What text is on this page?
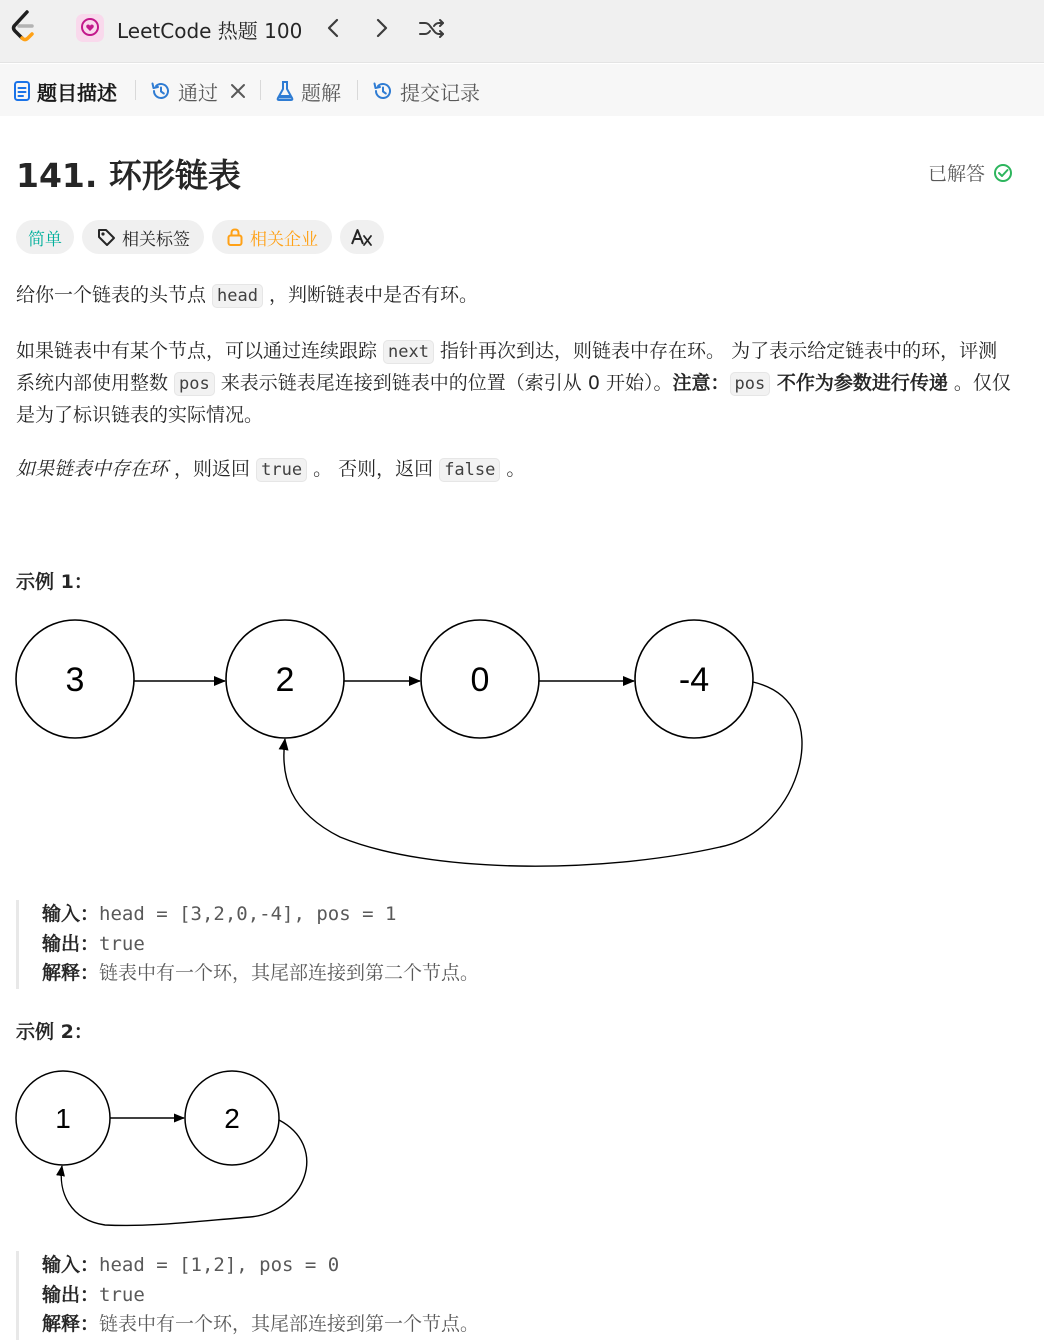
LeetCode 热题 100
题目描述	通过	题解	提交记录
141. 环形链表	已解答
简单	相关标签	相关企业
给你一个链表的头节点 head ，判断链表中是否有环。
如果链表中有某个节点，可以通过连续跟踪 next 指针再次到达，则链表中存在环。 为了表示给定链表中的环，评测系统内部使用整数 pos 来表示链表尾连接到链表中的位置（索引从 0 开始）。注意： pos 不作为参数进行传递 。仅仅是为了标识链表的实际情况。
如果链表中存在环 ，则返回 true 。 否则，返回 false 。
示例 1：
3	2	0	-4
输入：head = [3,2,0,-4], pos = 1
输出：true
解释：链表中有一个环，其尾部连接到第二个节点。
示例 2：
1	2
输入：head = [1,2], pos = 0
输出：true
解释：链表中有一个环，其尾部连接到第一个节点。
